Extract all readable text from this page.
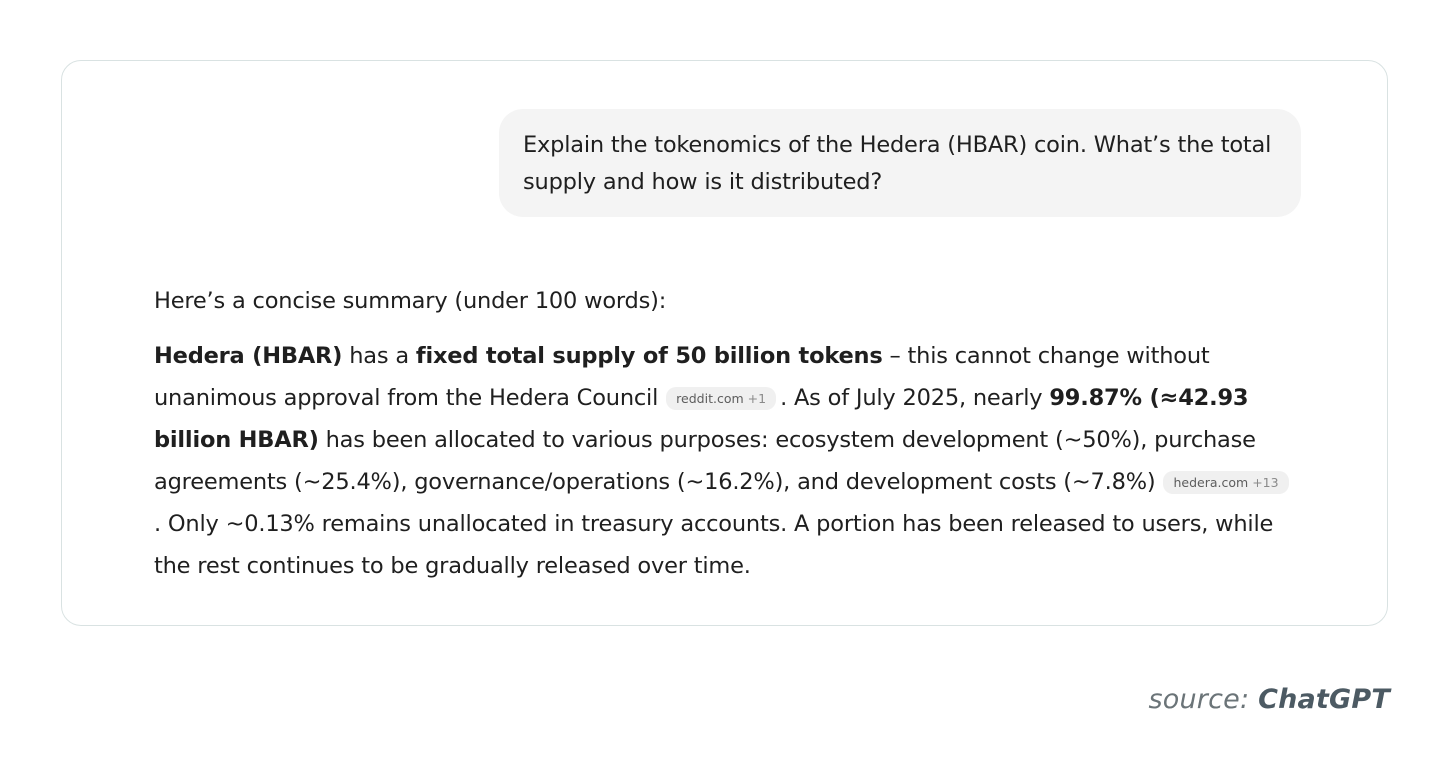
Explain the tokenomics of the Hedera (HBAR) coin. What’s the total supply and how is it distributed?

Here’s a concise summary (under 100 words):

Hedera (HBAR) has a fixed total supply of 50 billion tokens – this cannot change without unanimous approval from the Hedera Council reddit.com +1 . As of July 2025, nearly 99.87% (≈42.93 billion HBAR) has been allocated to various purposes: ecosystem development (~50%), purchase agreements (~25.4%), governance/operations (~16.2%), and development costs (~7.8%) hedera.com +13. Only ~0.13% remains unallocated in treasury accounts. A portion has been released to users, while the rest continues to be gradually released over time.

source: ChatGPT
